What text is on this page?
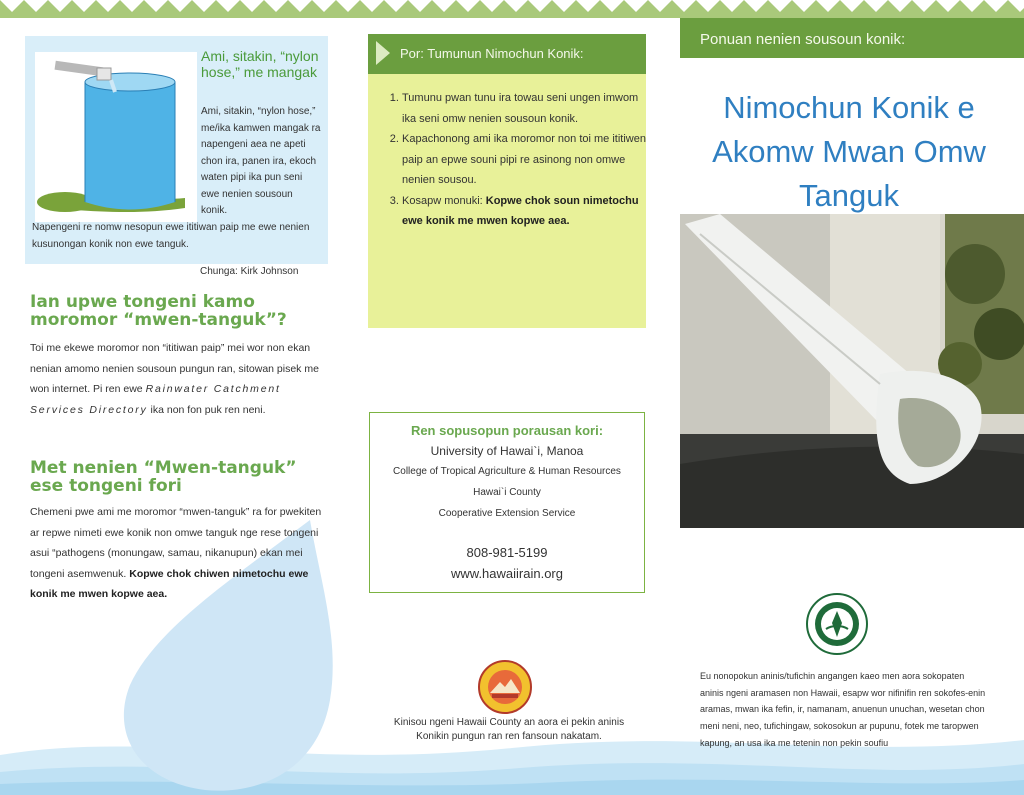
Ami, sitakin, “nylon hose,” me mangak
Ami, sitakin, “nylon hose,” me/ika kamwen mangak ra napengeni aea ne apeti chon ira, panen ira, ekoch waten pipi ika pun seni ewe nenien sousoun konik.
Napengeni re nomw nesopun ewe ititiwan paip me ewe nenien kusunongan konik non ewe tanguk.
Chunga: Kirk Johnson
Ian upwe tongeni kamo moromor “mwen-tanguk”?
Toi me ekewe moromor non “ititiwan paip” mei wor non ekan nenian amomo nenien sousoun pungun ran, sitowan pisek me won internet. Pi ren ewe Rainwater Catchment Services Directory ika non fon puk ren neni.
Met nenien “Mwen-tanguk” ese tongeni fori
Chemeni pwe ami me moromor “mwen-tanguk” ra for pwekiten ar repwe nimeti ewe konik non omwe tanguk nge rese tongeni asui “pathogens (monungaw, samau, nikanupun) ekan mei tongeni asemwenuk. Kopwe chok chiwen nimetochu ewe konik me mwen kopwe aea.
Por: Tumunun Nimochun Konik:
1. Tumunu pwan tunu ira towau seni ungen imwom ika seni omw nenien sousoun konik.
2. Kapachonong ami ika moromor non toi me ititiwen paip an epwe souni pipi re asinong non omwe nenien sousou.
3. Kosapw monuki: Kopwe chok soun nimetochu ewe konik me mwen kopwe aea.
Ren sopusopun porausan kori:
University of Hawai`i, Manoa
College of Tropical Agriculture & Human Resources
Hawai`i County
Cooperative Extension Service
808-981-5199
www.hawaiirain.org
Kinisou ngeni Hawaii County an aora ei pekin aninis Konikin pungun ran ren fansoun nakatam.
Ponuan nenien sousoun konik:
Nimochun Konik e Akomw Mwan Omw Tanguk
Eu nonopokun aninis/tufichin angangen kaeo men aora sokopaten aninis ngeni aramasen non Hawaii, esapw wor nifinifin ren sokofes-enin aramas, mwan ika fefin, ir, namanam, anuenun unuchan, wesetan chon meni neni, neo, tufichingaw, sokosokun ar pupunu, fotek me taropwen kapung, an usa ika me tetenin non pekin soufiu
